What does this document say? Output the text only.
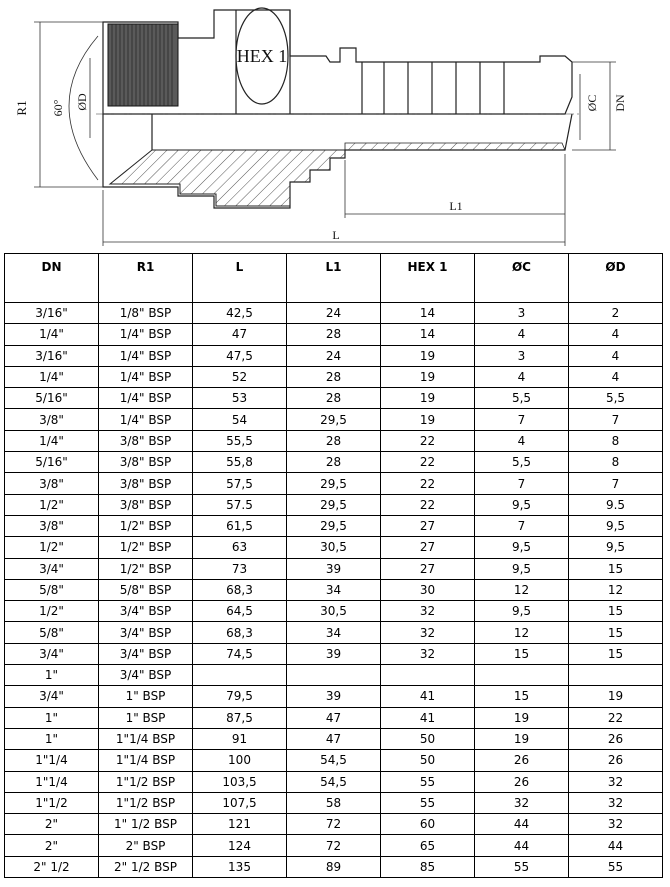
HEX 1
R1 60° ØD	ØC DN
L1
L
DN	R1	L	L1	HEX 1	ØC	ØD
3/16"	1/8" BSP	42,5	24	14	3	2
1/4"	1/4" BSP	47	28	14	4	4
3/16"	1/4" BSP	47,5	24	19	3	4
1/4"	1/4" BSP	52	28	19	4	4
5/16"	1/4" BSP	53	28	19	5,5	5,5
3/8"	1/4" BSP	54	29,5	19	7	7
1/4"	3/8" BSP	55,5	28	22	4	8
5/16"	3/8" BSP	55,8	28	22	5,5	8
3/8"	3/8" BSP	57,5	29,5	22	7	7
1/2"	3/8" BSP	57.5	29,5	22	9,5	9.5
3/8"	1/2" BSP	61,5	29,5	27	7	9,5
1/2"	1/2" BSP	63	30,5	27	9,5	9,5
3/4"	1/2" BSP	73	39	27	9,5	15
5/8"	5/8" BSP	68,3	34	30	12	12
1/2"	3/4" BSP	64,5	30,5	32	9,5	15
5/8"	3/4" BSP	68,3	34	32	12	15
3/4"	3/4" BSP	74,5	39	32	15	15
1"	3/4" BSP					
3/4"	1" BSP	79,5	39	41	15	19
1"	1" BSP	87,5	47	41	19	22
1"	1"1/4 BSP	91	47	50	19	26
1"1/4	1"1/4 BSP	100	54,5	50	26	26
1"1/4	1"1/2 BSP	103,5	54,5	55	26	32
1"1/2	1"1/2 BSP	107,5	58	55	32	32
2"	1" 1/2 BSP	121	72	60	44	32
2"	2" BSP	124	72	65	44	44
2" 1/2	2" 1/2 BSP	135	89	85	55	55
